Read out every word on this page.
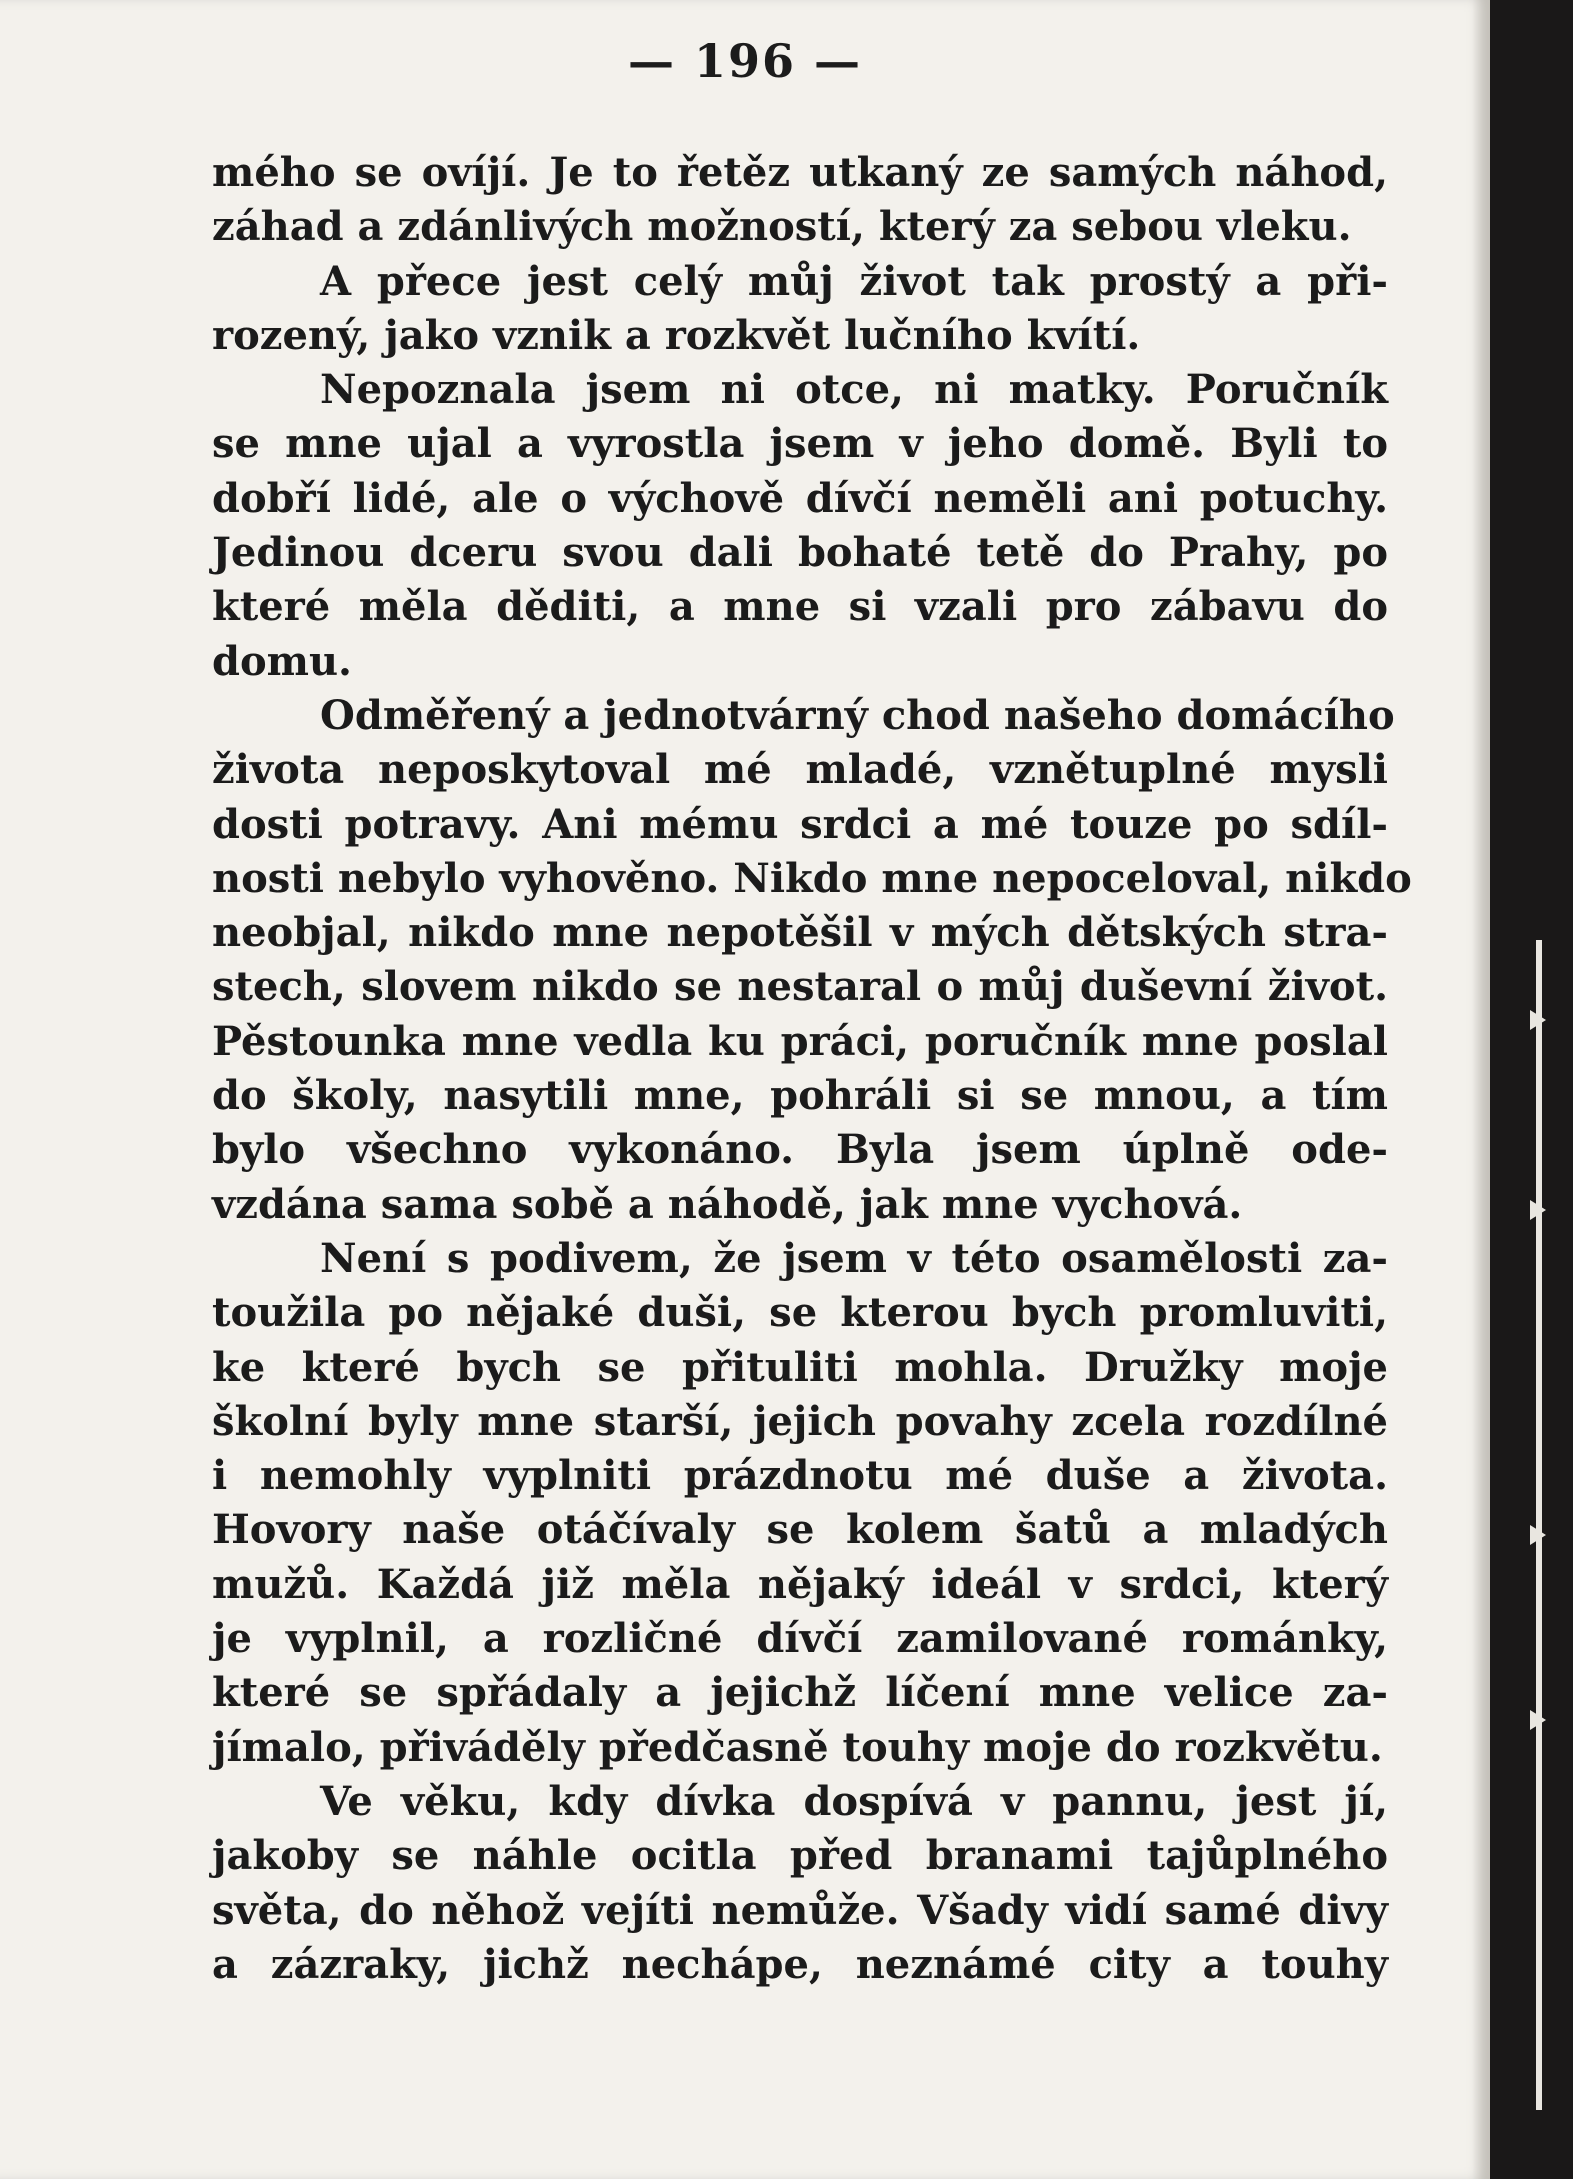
— 196 —
mého se ovíjí. Je to řetěz utkaný ze samých náhod,
záhad a zdánlivých možností, který za sebou vleku.
A přece jest celý můj život tak prostý a při-
rozený, jako vznik a rozkvět lučního kvítí.
Nepoznala jsem ni otce, ni matky. Poručník
se mne ujal a vyrostla jsem v jeho domě. Byli to
dobří lidé, ale o výchově dívčí neměli ani potuchy.
Jedinou dceru svou dali bohaté tetě do Prahy, po
které měla děditi, a mne si vzali pro zábavu do
domu.
Odměřený a jednotvárný chod našeho domácího
života neposkytoval mé mladé, vznětuplné mysli
dosti potravy. Ani mému srdci a mé touze po sdíl-
nosti nebylo vyhověno. Nikdo mne nepoceloval, nikdo
neobjal, nikdo mne nepotěšil v mých dětských stra-
stech, slovem nikdo se nestaral o můj duševní život.
Pěstounka mne vedla ku práci, poručník mne poslal
do školy, nasytili mne, pohráli si se mnou, a tím
bylo všechno vykonáno. Byla jsem úplně ode-
vzdána sama sobě a náhodě, jak mne vychová.
Není s podivem, že jsem v této osamělosti za-
toužila po nějaké duši, se kterou bych promluviti,
ke které bych se přituliti mohla. Družky moje
školní byly mne starší, jejich povahy zcela rozdílné
i nemohly vyplniti prázdnotu mé duše a života.
Hovory naše otáčívaly se kolem šatů a mladých
mužů. Každá již měla nějaký ideál v srdci, který
je vyplnil, a rozličné dívčí zamilované románky,
které se spřádaly a jejichž líčení mne velice za-
jímalo, přiváděly předčasně touhy moje do rozkvětu.
Ve věku, kdy dívka dospívá v pannu, jest jí,
jakoby se náhle ocitla před branami tajůplného
světa, do něhož vejíti nemůže. Všady vidí samé divy
a zázraky, jichž nechápe, neznámé city a touhy
